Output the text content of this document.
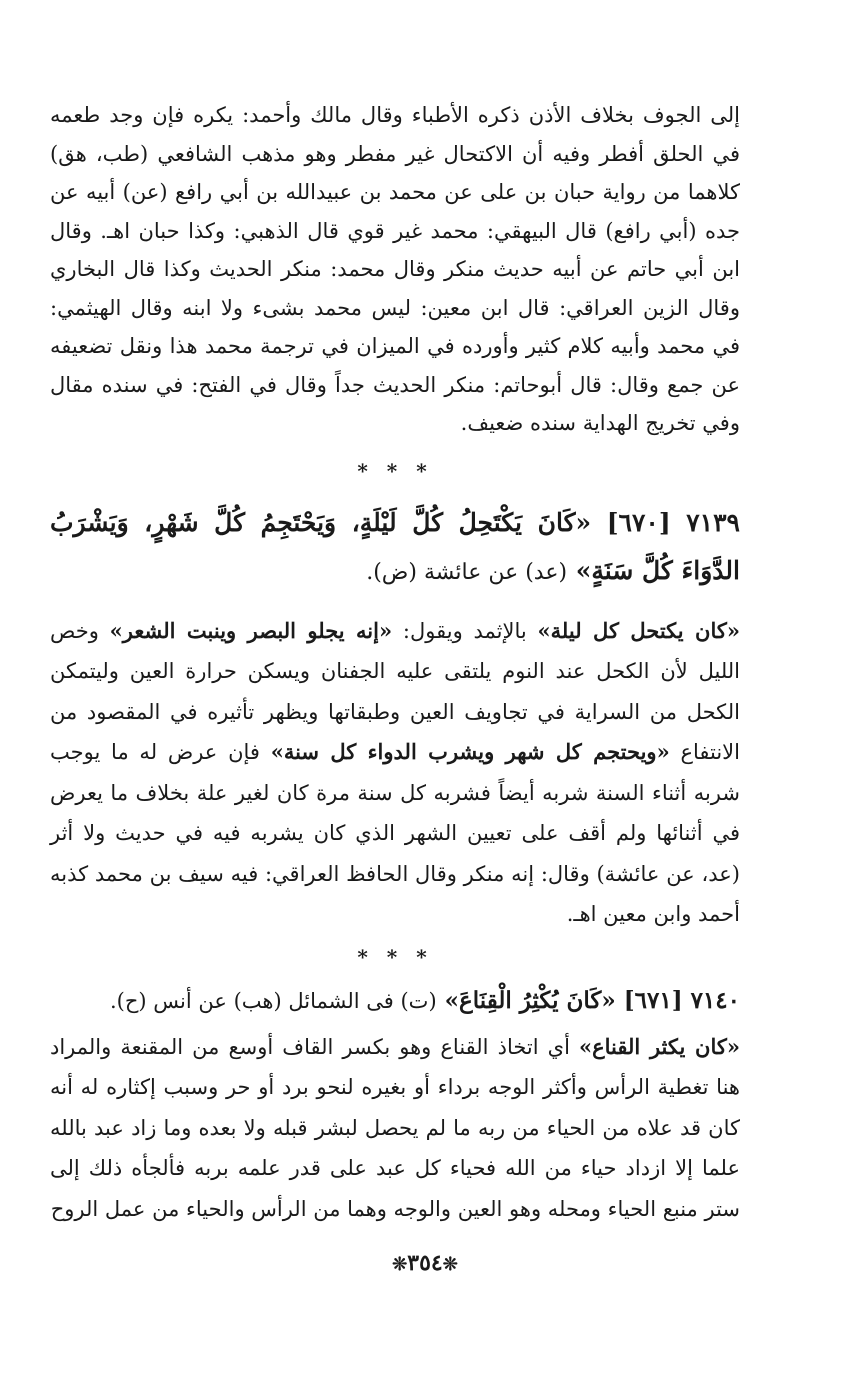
إلى الجوف بخلاف الأذن ذكره الأطباء وقال مالك وأحمد: يكره فإن وجد طعمه في الحلق أفطر وفيه أن الاكتحال غير مفطر وهو مذهب الشافعي (طب، هق) كلاهما من رواية حبان بن على عن محمد بن عبيدالله بن أبي رافع (عن) أبيه عن جده (أبي رافع) قال البيهقي: محمد غير قوي قال الذهبي: وكذا حبان اهـ. وقال ابن أبي حاتم عن أبيه حديث منكر وقال محمد: منكر الحديث وكذا قال البخاري وقال الزين العراقي: قال ابن معين: ليس محمد بشىء ولا ابنه وقال الهيثمي: في محمد وأبيه كلام كثير وأورده في الميزان في ترجمة محمد هذا ونقل تضعيفه عن جمع وقال: قال أبوحاتم: منكر الحديث جداً وقال في الفتح: في سنده مقال وفي تخريج الهداية سنده ضعيف.

* * *

٧١٣٩ [٦٧٠] «كَانَ يَكْتَحِلُ كُلَّ لَيْلَةٍ، وَيَحْتَجِمُ كُلَّ شَهْرٍ، وَيَشْرَبُ الدَّوَاءَ كُلَّ سَنَةٍ» (عد) عن عائشة (ض).

«كان يكتحل كل ليلة» بالإثمد ويقول: «إنه يجلو البصر وينبت الشعر» وخص الليل لأن الكحل عند النوم يلتقى عليه الجفنان ويسكن حرارة العين وليتمكن الكحل من السراية في تجاويف العين وطبقاتها ويظهر تأثيره في المقصود من الانتفاع «ويحتجم كل شهر ويشرب الدواء كل سنة» فإن عرض له ما يوجب شربه أثناء السنة شربه أيضاً فشربه كل سنة مرة كان لغير علة بخلاف ما يعرض في أثنائها ولم أقف على تعيين الشهر الذي كان يشربه فيه في حديث ولا أثر (عد، عن عائشة) وقال: إنه منكر وقال الحافظ العراقي: فيه سيف بن محمد كذبه أحمد وابن معين اهـ.

* * *

٧١٤٠ [٦٧١] «كَانَ يُكْثِرُ الْقِنَاعَ» (ت) فى الشمائل (هب) عن أنس (ح).

«كان يكثر القناع» أي اتخاذ القناع وهو بكسر القاف أوسع من المقنعة والمراد هنا تغطية الرأس وأكثر الوجه برداء أو بغيره لنحو برد أو حر وسبب إكثاره له أنه كان قد علاه من الحياء من ربه ما لم يحصل لبشر قبله ولا بعده وما زاد عبد بالله علما إلا ازداد حياء من الله فحياء كل عبد على قدر علمه بربه فألجأه ذلك إلى ستر منبع الحياء ومحله وهو العين والوجه وهما من الرأس والحياء من عمل الروح

❊٣٥٤❊
